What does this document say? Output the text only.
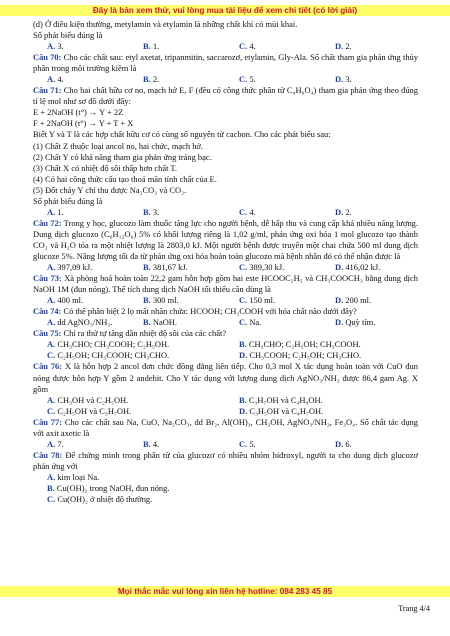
Đây là bản xem thử, vui lòng mua tài liệu để xem chi tiết (có lời giải)
(d) Ở điều kiện thường, metylamin và etylamin là những chất khí có mùi khai.
Số phát biểu đúng là
A. 3.	B. 1.	C. 4.	D. 2.
Câu 70: Cho các chất sau: etyl axetat, tripanmitin, saccarozơ, etylamin, Gly-Ala. Số chất tham gia phản ứng thủy phân trong môi trường kiềm là
A. 4.	B. 2.	C. 5.	D. 3.
Câu 71: Cho hai chất hữu cơ no, mạch hở E, F (đều có công thức phân tử C₄H₆O₄) tham gia phản ứng theo đúng tỉ lệ mol như sơ đồ dưới đây:
E + 2NaOH (t°) → Y + 2Z
F + 2NaOH (t°) → Y + T + X
Biết Y và T là các hợp chất hữu cơ có cùng số nguyên tử cacbon. Cho các phát biểu sau:
(1) Chất Z thuộc loại ancol no, hai chức, mạch hở.
(2) Chất Y có khả năng tham gia phản ứng tráng bạc.
(3) Chất X có nhiệt độ sôi thấp hơn chất T.
(4) Có hai công thức cấu tạo thoả mãn tính chất của E.
(5) Đốt cháy Y chỉ thu được Na₂CO₃ và CO₂.
Số phát biểu đúng là
A. 1.	B. 3.	C. 4.	D. 2.
Câu 72: Trong y học, glucozo làm thuốc tăng lực cho người bệnh, dễ hấp thu và cung cấp khá nhiều năng lượng. Dung dịch glucozo (C₆H₁₂O₆) 5% có khối lượng riêng là 1,02 g/ml, phản ứng oxi hóa 1 mol glucozo tạo thành CO₂ và H₂O tỏa ra một nhiệt lượng là 2803,0 kJ. Một người bệnh được truyền một chai chứa 500 ml dung dịch glucoze 5%. Năng lượng tối đa từ phản ứng oxi hóa hoàn toàn glucozo mà bệnh nhân đó có thể nhận được là
A. 397,09 kJ.	B. 381,67 kJ.	C. 389,30 kJ.	D. 416,02 kJ.
Câu 73: Xà phòng hoá hoàn toàn 22,2 gam hỗn hợp gồm hai este HCOOC₂H₅ và CH₃COOCH₃ bằng dung dịch NaOH 1M (đun nóng). Thể tích dung dịch NaOH tối thiểu cần dùng là
A. 400 ml.	B. 300 ml.	C. 150 ml.	D. 200 ml.
Câu 74: Có thể phân biệt 2 lọ mất nhãn chứa: HCOOH; CH₃COOH với hóa chất nào dưới đây?
A. dd AgNO₃/NH₃.	B. NaOH.	C. Na.	D. Quỳ tím.
Câu 75: Chỉ ra thứ tự tăng dần nhiệt độ sôi của các chất?
A. CH₃CHO; CH₃COOH; C₂H₅OH.	B. CH₃CHO; C₂H₅OH; CH₃COOH.C. C₂H₅OH; CH₃COOH; CH₃CHO.	D. CH₃COOH; C₂H₅OH; CH₃CHO.
Câu 76: X là hỗn hợp 2 ancol đơn chức đồng đẳng liên tiếp. Cho 0,3 mol X tác dụng hoàn toàn với CuO đun nóng được hỗn hợp Y gồm 2 andehit. Cho Y tác dụng với lượng dung dịch AgNO₃/NH₃ được 86,4 gam Ag. X gồm
A. CH₃OH và C₂H₅OH.	B. C₃H₇OH và C₄H₉OH.C. C₂H₅OH và C₃H₇OH.	D. C₃H₅OH và C₄H₇OH.
Câu 77: Cho các chất sau Na, CuO, Na₂CO₃, dd Br₂, Al(OH)₃, CH₃OH, AgNO₃/NH₃, Fe₃O₄. Số chất tác dụng với axit axetic là
A. 7.	B. 4.	C. 5.	D. 6.
Câu 78: Để chứng minh trong phân tử của glucozơ có nhiều nhóm hiđroxyl, người ta cho dung dịch glucozơ phản ứng với
A. kim loại Na.
B. Cu(OH)₂ trong NaOH, đun nóng.
C. Cu(OH)₂ ở nhiệt độ thường.
Mọi thắc mắc vui lòng xin liên hệ hotline: 084 283 45 85
Trang 4/4
